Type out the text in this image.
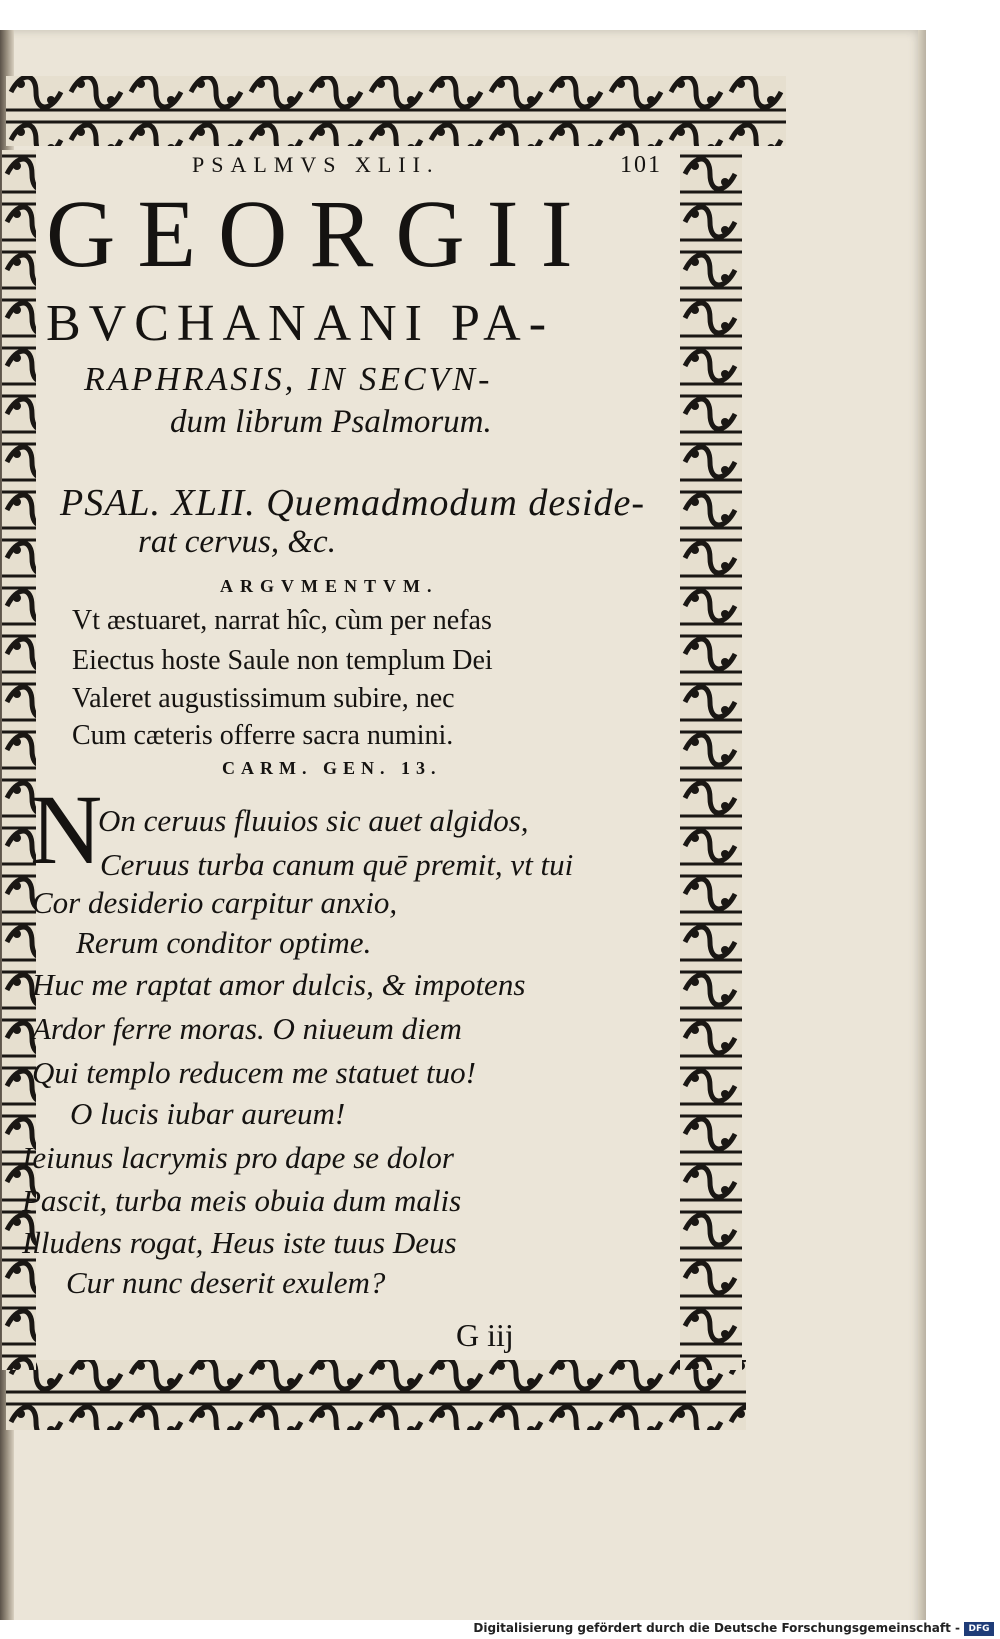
PSALMVS XLII.	101
GEORGII
BVCHANANI PA-
RAPHRASIS, IN SECVN-
dum librum Psalmorum.
PSAL. XLII. Quemadmodum deside-
rat cervus, &c.
ARGVMENTVM.
Vt æstuaret, narrat hîc, cùm per nefas
Eiectus hoste Saule non templum Dei
Valeret augustissimum subire, nec
Cum cæteris offerre sacra numini.
CARM. GEN. 13.
N
On ceruus fluuios sic auet algidos,
Ceruus turba canum quē premit, vt tui
Cor desiderio carpitur anxio,
Rerum conditor optime.
Huc me raptat amor dulcis, & impotens
Ardor ferre moras. O niueum diem
Qui templo reducem me statuet tuo!
O lucis iubar aureum!
Ieiunus lacrymis pro dape se dolor
Pascit, turba meis obuia dum malis
Illudens rogat, Heus iste tuus Deus
Cur nunc deserit exulem?
G iij
Digitalisierung gefördert durch die Deutsche Forschungsgemeinschaft - DFG
